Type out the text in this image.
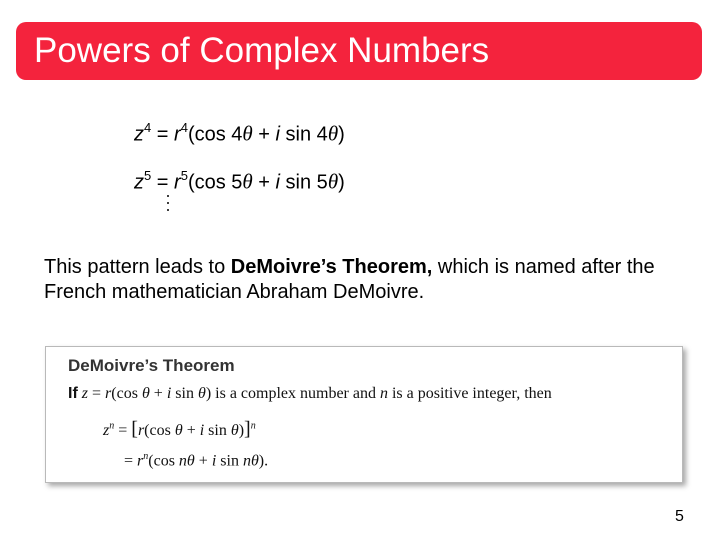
Powers of Complex Numbers
$z^4 = r^4(\cos$ 4θ + i sin 4θ)
$z^5 = r^5(\cos$ 5θ + i sin 5θ)
This pattern leads to DeMoivre’s Theorem, which is named after the French mathematician Abraham DeMoivre.
DeMoivre’s Theorem
If z = r(cos θ + i sin θ) is a complex number and n is a positive integer, then
$z^n = [r(\cos$ θ + i sin θ)]$^n$
= $r^n(\cos$ nθ + i sin nθ).
5
